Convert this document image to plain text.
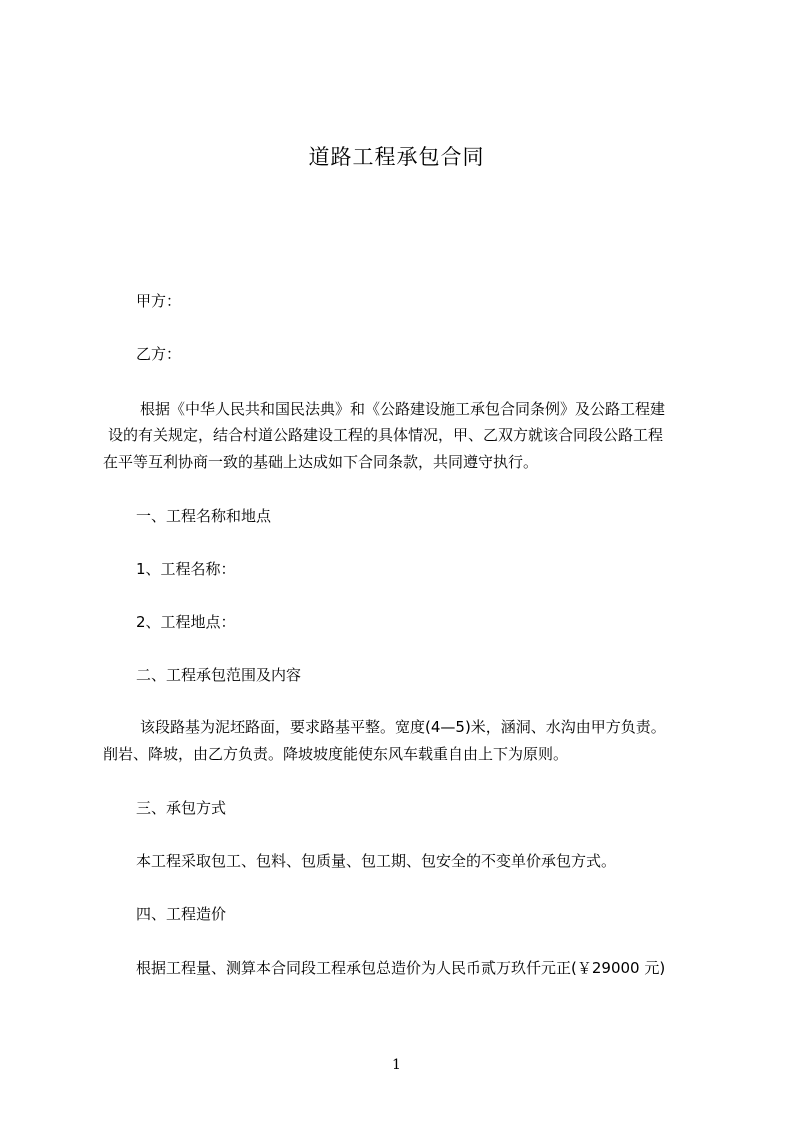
道路工程承包合同
甲方：
乙方：
根据《中华人民共和国民法典》和《公路建设施工承包合同条例》及公路工程建
设的有关规定，结合村道公路建设工程的具体情况，甲、乙双方就该合同段公路工程
在平等互利协商一致的基础上达成如下合同条款，共同遵守执行。
一、工程名称和地点
1、工程名称：
2、工程地点：
二、工程承包范围及内容
该段路基为泥坯路面，要求路基平整。宽度(4—5)米，涵洞、水沟由甲方负责。
削岩、降坡，由乙方负责。降坡坡度能使东风车载重自由上下为原则。
三、承包方式
本工程采取包工、包料、包质量、包工期、包安全的不变单价承包方式。
四、工程造价
根据工程量、测算本合同段工程承包总造价为人民币贰万玖仟元正(￥29000 元)
1
